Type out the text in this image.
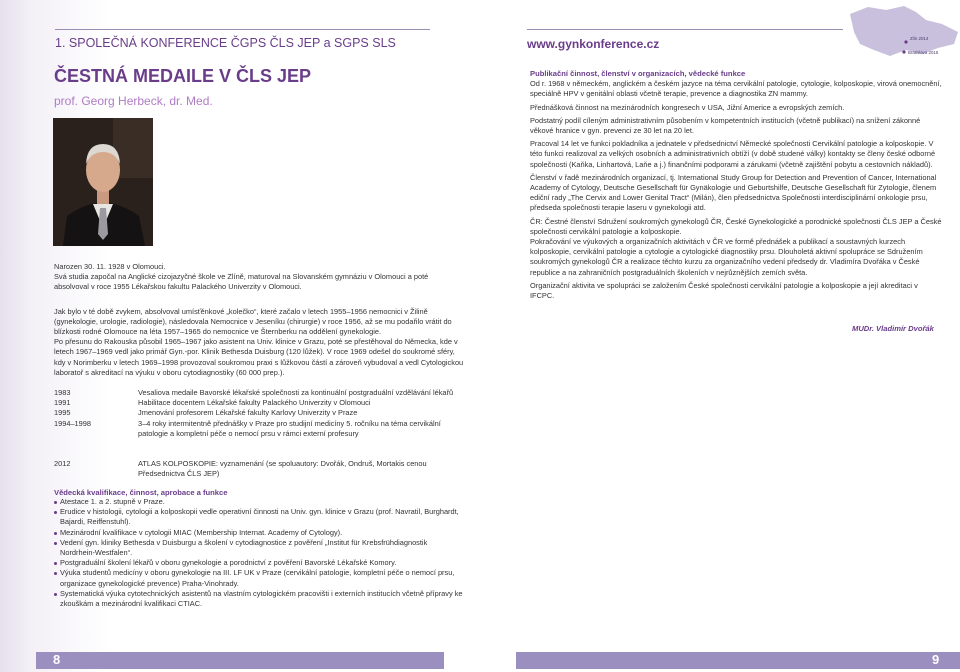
1. SPOLEČNÁ KONFERENCE ČGPS ČLS JEP a SGPS SLS	www.gynkonference.cz	Zlín 2014
Bratislava 2015
ČESTNÁ MEDAILE V ČLS JEP
prof. Georg Herbeck, dr. Med.

Narozen 30. 11. 1928 v Olomouci.

Svá studia započal na Anglické cizojazyčné škole ve Zlíně, maturoval na Slovanském gymnáziu v Olomouci a poté absolvoval v roce 1955 Lékařskou fakultu Palackého Univerzity v Olomouci.

Jak bylo v té době zvykem, absolvoval umísťěnkové „kolečko“, které začalo v letech 1955–1956 nemocnici v Žilině (gynekologie, urologie, radiologie), následovala Nemocnice v Jeseníku (chirurgie) v roce 1956, až se mu podařilo vrátit do blízkosti rodné Olomouce na léta 1957–1965 do nemocnice ve Šternberku na oddělení gynekologie.

Po přesunu do Rakouska působil 1965–1967 jako asistent na Univ. klinice v Grazu, poté se přestěhoval do Německa, kde v letech 1967–1969 vedl jako primář Gyn.-por. Klinik Bethesda Duisburg (120 lůžek). V roce 1969 odešel do soukromé sféry, kdy v Norimberku v letech 1969–1998 provozoval soukromou praxi s lůžkovou částí a zároveň vybudoval a vedl Cytologickou laboratoř s akreditací na výuku v oboru cytodiagnostiky (60 000 prep.).

1983	Vesaliova medaile Bavorské lékařské společnosti za kontinuální postgraduální vzdělávání lékařů
1991	Habilitace docentem Lékařské fakulty Palackého Univerzity v Olomouci
1995	Jmenování profesorem Lékařské fakulty Karlovy Univerzity v Praze
1994–1998	3–4 roky intermitentně přednášky v Praze pro studijní medicíny 5. ročníku na téma cervikální patologie a kompletní péče o nemocí prsu v rámci externí profesury
2012	ATLAS KOLPOSKOPIE: vyznamenání (se spoluautory: Dvořák, Ondruš, Mortakis cenou Předsednictva ČLS JEP)
Vědecká kvalifikace, činnost, aprobace a funkce
Atestace 1. a 2. stupně v Praze.
Erudice v histologii, cytologii a kolposkopii vedle operativní činnosti na Univ. gyn. klinice v Grazu (prof. Navratil, Burghardt, Bajardi, Reiffenstuhl).
Mezinárodní kvalifikace v cytologii MIAC (Membership Internat. Academy of Cytology).
Vedení gyn. kliniky Bethesda v Duisburgu a školení v cytodiagnostice z pověření „Institut für Krebsfrühdiagnostik Nordrhein-Westfalen“.
Postgraduální školení lékařů v oboru gynekologie a porodnictví z pověření Bavorské Lékařské Komory.
Výuka studentů medicíny v oboru gynekologie na III. LF UK v Praze (cervikální patologie, kompletní péče o nemocí prsu, organizace gynekologické prevence) Praha-Vinohrady.
Systematická výuka cytotechnických asistentů na vlastním cytologickém pracovišti i externích institucích včetně přípravy ke zkouškám a mezinárodní kvalifikaci CTIAC.
Publikační činnost, členství v organizacích, vědecké funkce

Od r. 1968 v německém, anglickém a českém jazyce na téma cervikální patologie, cytologie, kolposkopie, virová onemocnění, speciálně HPV v genitální oblasti včetně terapie, prevence a diagnostika ZN mammy.

Přednášková činnost na mezinárodních kongresech v USA, Jižní Americe a evropských zemích.

Podstatný podíl cíleným administrativním působením v kompetentních institucích (včetně publikací) na snížení zákonné věkové hranice v gyn. prevenci ze 30 let na 20 let.

Pracoval 14 let ve funkci pokladníka a jednatele v předsednictví Německé společnosti Cervikální patologie a kolposkopie. V této funkci realizoval za velkých osobních a administrativních obtíží (v době studené války) kontakty se členy české odborné společnosti (Kaňka, Linhartová, Laňe a j.) finančními podporami a zárukami (včetně zajištění pobytu a cestovních nákladů).

Členství v řadě mezinárodních organizací, tj. International Study Group for Detection and Prevention of Cancer, International Academy of Cytology, Deutsche Gesellschaft für Gynäkologie und Geburtshilfe, Deutsche Gesellschaft für Zytologie, členem ediční rady „The Cervix and Lower Genital Tract“ (Milán), člen předsednictva Společnosti interdisciplinární onkologie prsu, předseda společnosti terapie laseru v gynekologii atd.

ČR: Čestné členství Sdružení soukromých gynekologů ČR, České Gynekologické a porodnické společnosti ČLS JEP a České společnosti cervikální patologie a kolposkopie.

Pokračování ve výukových a organizačních aktivitách v ČR ve formě přednášek a publikací a soustavných kurzech kolposkopie, cervikální patologie a cytologie a cytologické diagnostiky prsu. Dlouholetá aktivní spolupráce se Sdružením soukromých gynekologů ČR a realizace těchto kurzu za organizačního vedení předsedy dr. Vladimíra Dvořáka v České republice a na zahraničních postgraduálních školeních v nejrůznějších zemích světa.

Organizační aktivita ve spolupráci se založením České společnosti cervikální patologie a kolposkopie a její akreditaci v IFCPC.

MUDr. Vladimír Dvořák
8	9
